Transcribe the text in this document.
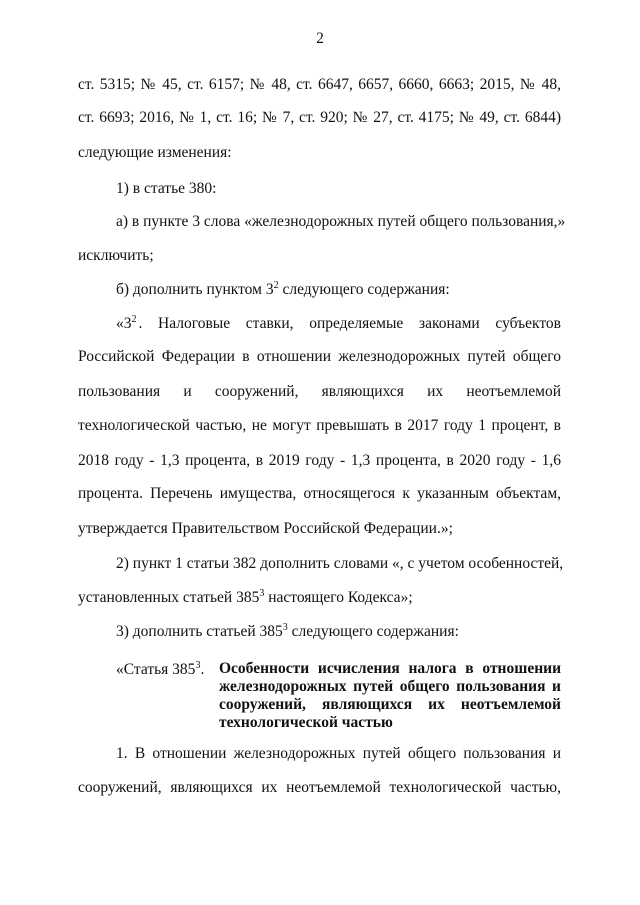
2
ст. 5315; № 45, ст. 6157; № 48, ст. 6647, 6657, 6660, 6663; 2015, № 48,
ст. 6693; 2016, № 1, ст. 16; № 7, ст. 920; № 27, ст. 4175; № 49, ст. 6844)
следующие изменения:
1) в статье 380:
а) в пункте 3 слова «железнодорожных путей общего пользования,»
исключить;
б) дополнить пунктом $3^2$ следующего содержания:
«$3^2$ . Налоговые ставки, определяемые законами субъектов
Российской Федерации в отношении железнодорожных путей общего
пользования и сооружений, являющихся их неотъемлемой
технологической частью, не могут превышать в 2017 году 1 процент, в
2018 году - 1,3 процента, в 2019 году - 1,3 процента, в 2020 году - 1,6
процента. Перечень имущества, относящегося к указанным объектам,
утверждается Правительством Российской Федерации.»;
2) пункт 1 статьи 382 дополнить словами «, с учетом особенностей,
установленных статьей $385^3$ настоящего Кодекса»;
3) дополнить статьей $385^3$ следующего содержания:
«Статья $385^3$. Особенности исчисления налога в отношении
железнодорожных путей общего пользования и
сооружений, являющихся их неотъемлемой
технологической частью
1. В отношении железнодорожных путей общего пользования и
сооружений, являющихся их неотъемлемой технологической частью,
